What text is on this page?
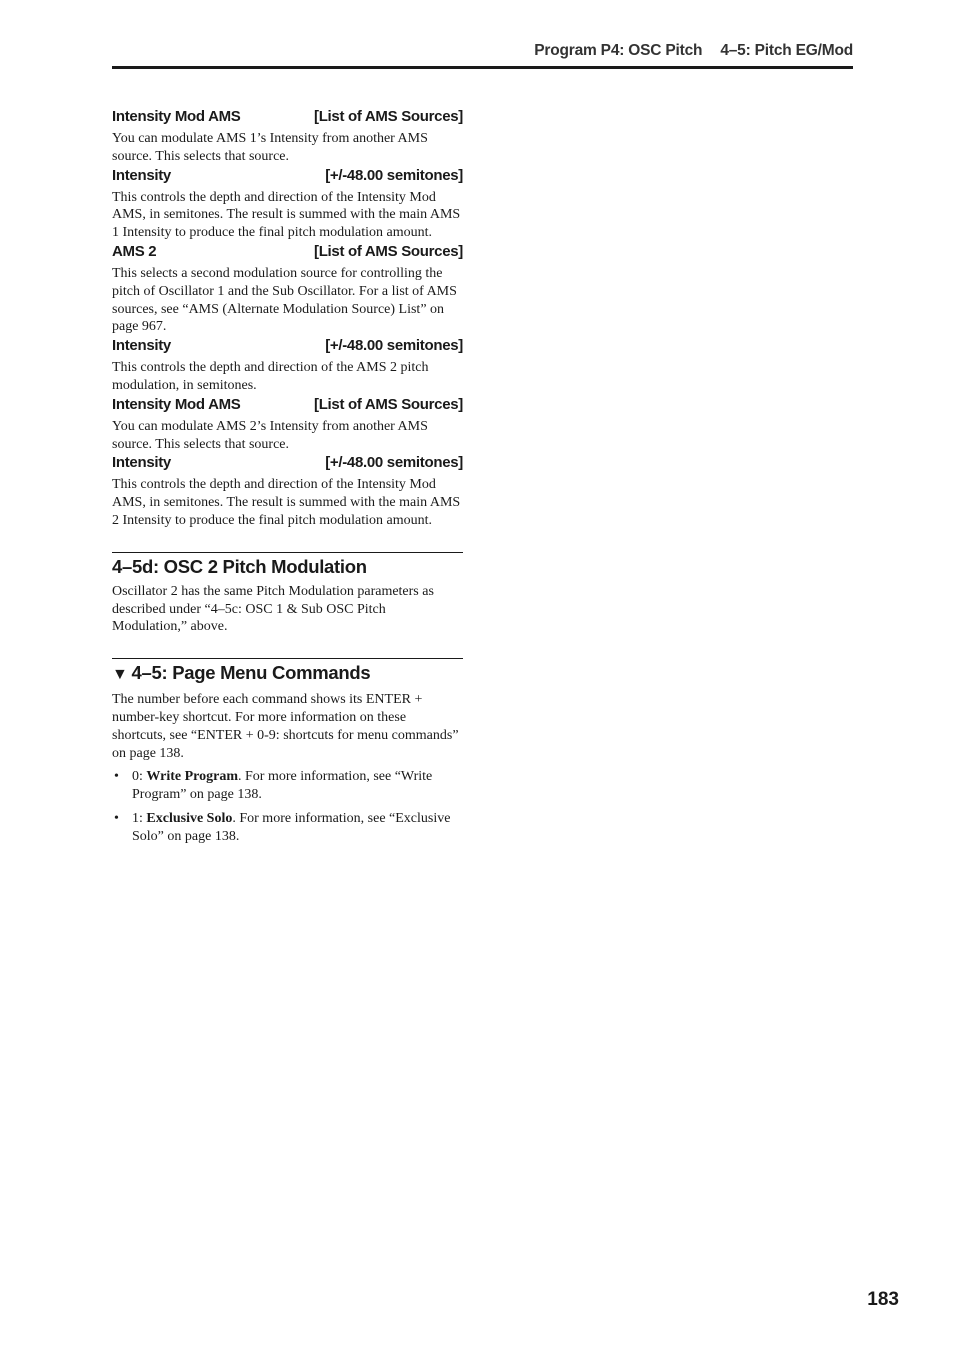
Program P4: OSC Pitch 4–5: Pitch EG/Mod
Intensity Mod AMS	[List of AMS Sources]

You can modulate AMS 1’s Intensity from another AMS source. This selects that source.

Intensity	[+/-48.00 semitones]

This controls the depth and direction of the Intensity Mod AMS, in semitones. The result is summed with the main AMS 1 Intensity to produce the final pitch modulation amount.

AMS 2	[List of AMS Sources]

This selects a second modulation source for controlling the pitch of Oscillator 1 and the Sub Oscillator. For a list of AMS sources, see “AMS (Alternate Modulation Source) List” on page 967.

Intensity	[+/-48.00 semitones]

This controls the depth and direction of the AMS 2 pitch modulation, in semitones.

Intensity Mod AMS	[List of AMS Sources]

You can modulate AMS 2’s Intensity from another AMS source. This selects that source.

Intensity	[+/-48.00 semitones]

This controls the depth and direction of the Intensity Mod AMS, in semitones. The result is summed with the main AMS 2 Intensity to produce the final pitch modulation amount.

4–5d: OSC 2 Pitch Modulation

Oscillator 2 has the same Pitch Modulation parameters as described under “4–5c: OSC 1 & Sub OSC Pitch Modulation,” above.

▼ 4–5: Page Menu Commands

The number before each command shows its ENTER + number-key shortcut. For more information on these shortcuts, see “ENTER + 0-9: shortcuts for menu commands” on page 138.

• 0: Write Program. For more information, see “Write Program” on page 138.
• 1: Exclusive Solo. For more information, see “Exclusive Solo” on page 138.
183
